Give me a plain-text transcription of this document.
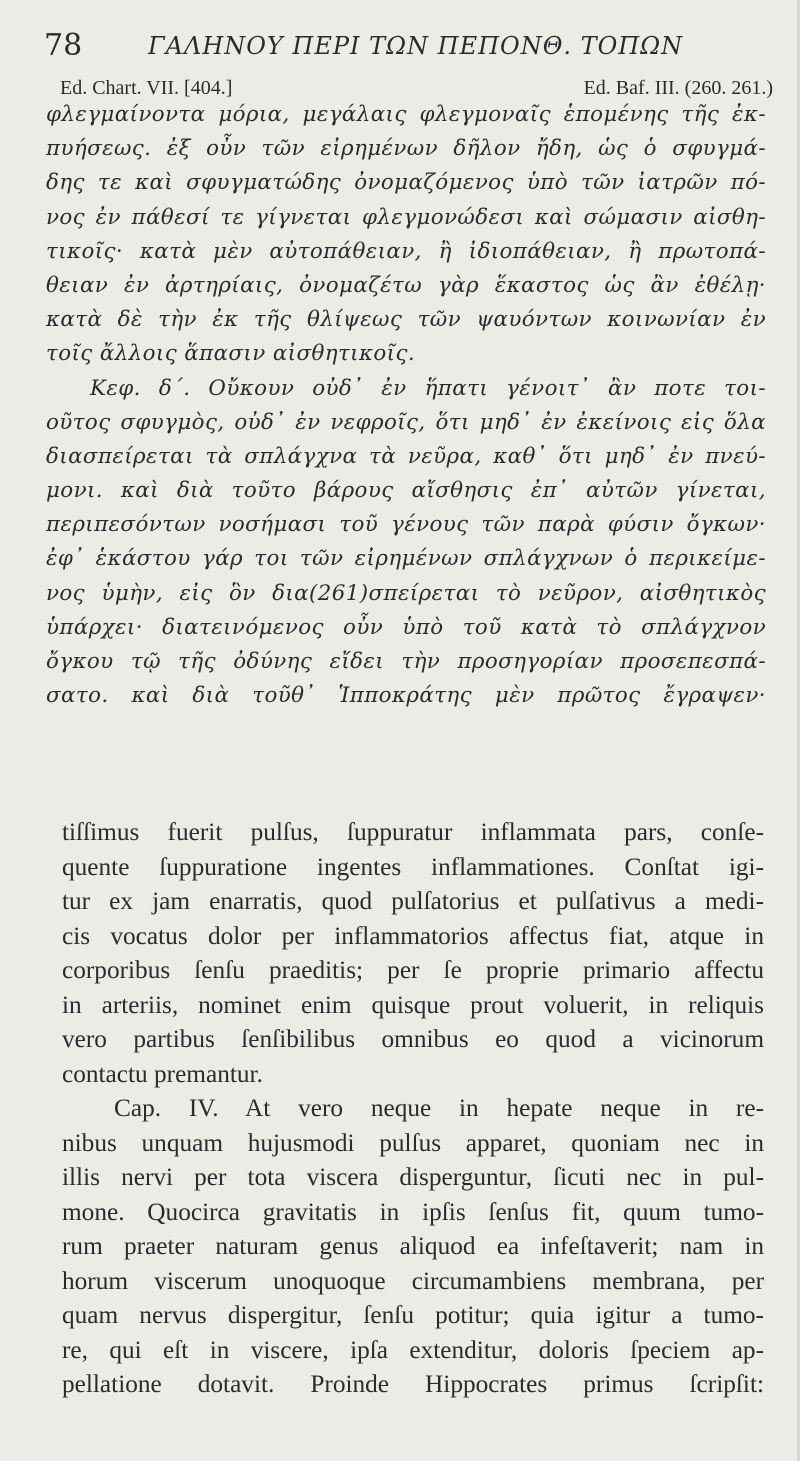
78	ΓΑΛΗΝΟΥ ΠΕΡΙ ΤΩΝ ΠΕΠΟΝΘ. ΤΟΠΩΝ
Ed. Chart. VII. [404.]	Ed. Baf. III. (260. 261.)
φλεγμαίνοντα μόρια, μεγάλαις φλεγμοναῖς ἑπομένης τῆς ἐκ-
πυήσεως. ἐξ οὖν τῶν εἰρημένων δῆλον ἤδη, ὡς ὁ σφυγμά-
δης τε καὶ σφυγματώδης ὀνομαζόμενος ὑπὸ τῶν ἰατρῶν πό-
νος ἐν πάθεσί τε γίγνεται φλεγμονώδεσι καὶ σώμασιν αἰσθη-
τικοῖς· κατὰ μὲν αὐτοπάθειαν, ἢ ἰδιοπάθειαν, ἢ πρωτοπά-
θειαν ἐν ἀρτηρίαις, ὀνομαζέτω γὰρ ἕκαστος ὡς ἂν ἐθέλῃ·
κατὰ δὲ τὴν ἐκ τῆς θλίψεως τῶν ψαυόντων κοινωνίαν ἐν
τοῖς ἄλλοις ἅπασιν αἰσθητικοῖς.
Κεφ. δ΄. Οὔκουν οὐδ᾽ ἐν ἥπατι γένοιτ᾽ ἂν ποτε τοι-
οῦτος σφυγμὸς, οὐδ᾽ ἐν νεφροῖς, ὅτι μηδ᾽ ἐν ἐκείνοις εἰς ὅλα
διασπείρεται τὰ σπλάγχνα τὰ νεῦρα, καθ᾽ ὅτι μηδ᾽ ἐν πνεύ-
μονι. καὶ διὰ τοῦτο βάρους αἴσθησις ἐπ᾽ αὐτῶν γίνεται,
περιπεσόντων νοσήμασι τοῦ γένους τῶν παρὰ φύσιν ὄγκων·
ἐφ᾽ ἑκάστου γάρ τοι τῶν εἰρημένων σπλάγχνων ὁ περικείμε-
νος ὑμὴν, εἰς ὃν δια(261)σπείρεται τὸ νεῦρον, αἰσθητικὸς
ὑπάρχει· διατεινόμενος οὖν ὑπὸ τοῦ κατὰ τὸ σπλάγχνον
ὄγκου τῷ τῆς ὀδύνης εἴδει τὴν προσηγορίαν προσεπεσπά-
σατο. καὶ διὰ τοῦθ᾽ Ἱπποκράτης μὲν πρῶτος ἔγραψεν·
tiſſimus fuerit pulſus, ſuppuratur inflammata pars, conſe-
quente ſuppuratione ingentes inflammationes. Conſtat igi-
tur ex jam enarratis, quod pulſatorius et pulſativus a medi-
cis vocatus dolor per inflammatorios affectus fiat, atque in
corporibus ſenſu praeditis; per ſe proprie primario affectu
in arteriis, nominet enim quisque prout voluerit, in reliquis
vero partibus ſenſibilibus omnibus eo quod a vicinorum
contactu premantur.
Cap. IV. At vero neque in hepate neque in re-
nibus unquam hujusmodi pulſus apparet, quoniam nec in
illis nervi per tota viscera disperguntur, ſicuti nec in pul-
mone. Quocirca gravitatis in ipſis ſenſus fit, quum tumo-
rum praeter naturam genus aliquod ea infeſtaverit; nam in
horum viscerum unoquoque circumambiens membrana, per
quam nervus dispergitur, ſenſu potitur; quia igitur a tumo-
re, qui eſt in viscere, ipſa extenditur, doloris ſpeciem ap-
pellatione dotavit. Proinde Hippocrates primus ſcripſit:
